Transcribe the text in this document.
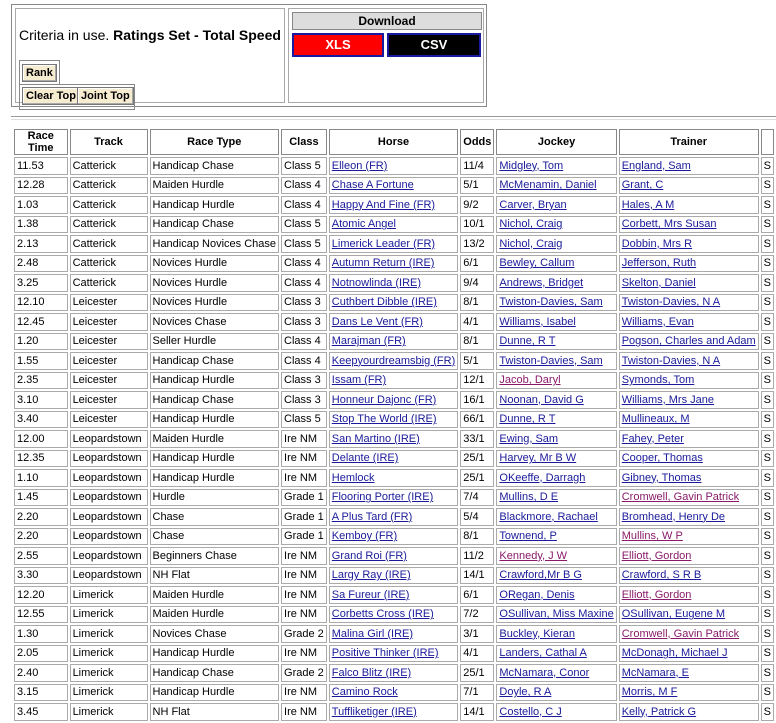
Criteria in use. Ratings Set - Total Speed
Rank
Clear Top Joint Top
Download
XLS	CSV
Race Time	Track	Race Type	Class	Horse	Odds	Jockey	Trainer	
11.53	Catterick	Handicap Chase	Class 5	Elleon (FR)	11/4	Midgley, Tom	England, Sam	S
12.28	Catterick	Maiden Hurdle	Class 4	Chase A Fortune	5/1	McMenamin, Daniel	Grant, C	S
1.03	Catterick	Handicap Hurdle	Class 4	Happy And Fine (FR)	9/2	Carver, Bryan	Hales, A M	S
1.38	Catterick	Handicap Chase	Class 5	Atomic Angel	10/1	Nichol, Craig	Corbett, Mrs Susan	S
2.13	Catterick	Handicap Novices Chase	Class 5	Limerick Leader (FR)	13/2	Nichol, Craig	Dobbin, Mrs R	S
2.48	Catterick	Novices Hurdle	Class 4	Autumn Return (IRE)	6/1	Bewley, Callum	Jefferson, Ruth	S
3.25	Catterick	Novices Hurdle	Class 4	Notnowlinda (IRE)	9/4	Andrews, Bridget	Skelton, Daniel	S
12.10	Leicester	Novices Hurdle	Class 3	Cuthbert Dibble (IRE)	8/1	Twiston-Davies, Sam	Twiston-Davies, N A	S
12.45	Leicester	Novices Chase	Class 3	Dans Le Vent (FR)	4/1	Williams, Isabel	Williams, Evan	S
1.20	Leicester	Seller Hurdle	Class 4	Marajman (FR)	8/1	Dunne, R T	Pogson, Charles and Adam	S
1.55	Leicester	Handicap Chase	Class 4	Keepyourdreamsbig (FR)	5/1	Twiston-Davies, Sam	Twiston-Davies, N A	S
2.35	Leicester	Handicap Hurdle	Class 3	Issam (FR)	12/1	Jacob, Daryl	Symonds, Tom	S
3.10	Leicester	Handicap Chase	Class 3	Honneur Dajonc (FR)	16/1	Noonan, David G	Williams, Mrs Jane	S
3.40	Leicester	Handicap Hurdle	Class 5	Stop The World (IRE)	66/1	Dunne, R T	Mullineaux, M	S
12.00	Leopardstown	Maiden Hurdle	Ire NM	San Martino (IRE)	33/1	Ewing, Sam	Fahey, Peter	S
12.35	Leopardstown	Handicap Hurdle	Ire NM	Delante (IRE)	25/1	Harvey, Mr B W	Cooper, Thomas	S
1.10	Leopardstown	Handicap Hurdle	Ire NM	Hemlock	25/1	OKeeffe, Darragh	Gibney, Thomas	S
1.45	Leopardstown	Hurdle	Grade 1	Flooring Porter (IRE)	7/4	Mullins, D E	Cromwell, Gavin Patrick	S
2.20	Leopardstown	Chase	Grade 1	A Plus Tard (FR)	5/4	Blackmore, Rachael	Bromhead, Henry De	S
2.20	Leopardstown	Chase	Grade 1	Kemboy (FR)	8/1	Townend, P	Mullins, W P	S
2.55	Leopardstown	Beginners Chase	Ire NM	Grand Roi (FR)	11/2	Kennedy, J W	Elliott, Gordon	S
3.30	Leopardstown	NH Flat	Ire NM	Largy Ray (IRE)	14/1	Crawford,Mr B G	Crawford, S R B	S
12.20	Limerick	Maiden Hurdle	Ire NM	Sa Fureur (IRE)	6/1	ORegan, Denis	Elliott, Gordon	S
12.55	Limerick	Maiden Hurdle	Ire NM	Corbetts Cross (IRE)	7/2	OSullivan, Miss Maxine	OSullivan, Eugene M	S
1.30	Limerick	Novices Chase	Grade 2	Malina Girl (IRE)	3/1	Buckley, Kieran	Cromwell, Gavin Patrick	S
2.05	Limerick	Handicap Hurdle	Ire NM	Positive Thinker (IRE)	4/1	Landers, Cathal A	McDonagh, Michael J	S
2.40	Limerick	Handicap Chase	Grade 2	Falco Blitz (IRE)	25/1	McNamara, Conor	McNamara, E	S
3.15	Limerick	Handicap Hurdle	Ire NM	Camino Rock	7/1	Doyle, R A	Morris, M F	S
3.45	Limerick	NH Flat	Ire NM	Tuffliketiger (IRE)	14/1	Costello, C J	Kelly, Patrick G	S
